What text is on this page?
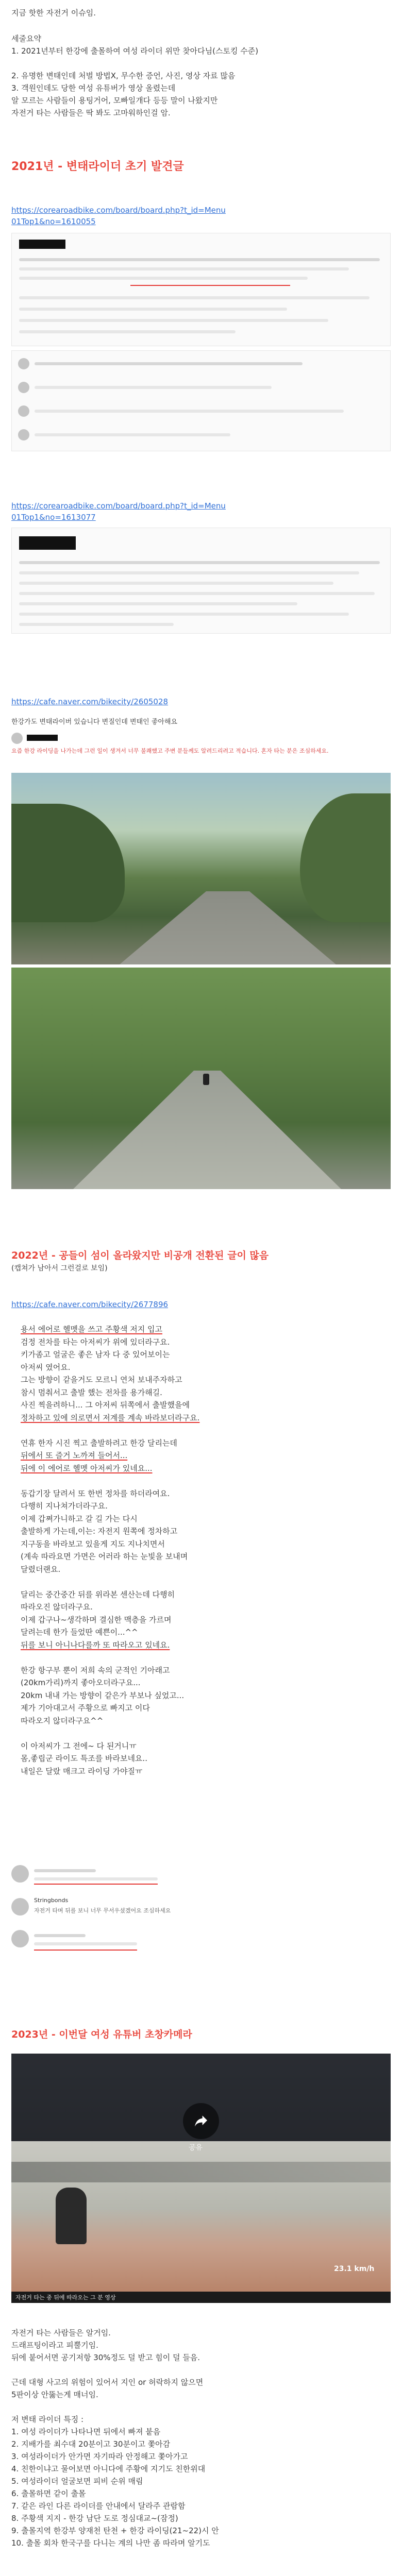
지금 핫한 자전거 이슈임.
세줄요약
1. 2021년부터 한강에 출몰하여 여성 라이더 위만 찾아다님(스토킹 수준)
2. 유명한 변태인데 처벌 방법X, 무수한 증언, 사진, 영상 자료 많음
3. 객원인데도 당한 여성 유튜버가 영상 올렸는데
알 모르는 사람들이 용팅거어, 모빠일개다 등등 말이 나왔지만
자전거 타는 사람들은 딱 봐도 고마워하인걸 암.
2021년 - 변태라이더 초기 발견글
https://corearoadbike.com/board/board.php?t_id=Menu01Top1&no=1610055
https://corearoadbike.com/board/board.php?t_id=Menu01Top1&no=1613077
https://cafe.naver.com/bikecity/2605028
한강가도 변태라이버 있습니다 변질인데 변태인 좋아해요
요즘 한강 라이딩을 나가는데 그런 일이 생겨서 너무 불쾌했고 주변 분들께도 알려드리려고 적습니다. 혼자 타는 분은 조심하세요.
2022년 - 공들이 섬이 올라왔지만 비공개 전환된 글이 많음
(캡쳐가 남아서 그런걸로 보임)
https://cafe.naver.com/bikecity/2677896

용서 에어로 헬멧을 쓰고 주황색 저지 입고

검정 전차를 타는 아저씨가 위에 있더라구요.

키가좀고 얼굴은 좋은 남자 다 중 있어보이는

아저씨 였어요.

그는 방향이 같을거도 모르니 연처 보내주자하고

참시 멈춰서고 출발 했는 전차를 용가해길.

사진 찍을려하니... 그 아저씨 뒤쪽에서 출발했을에

정차하고 있에 의로면서 저계를 계속 바라보더라구요.

연휴 한자 시진 찍고 출발하려고 한강 달리는데

뒤에서 또 즐거 노까져 들어서...

뒤에 이 에어로 헬멧 아저씨가 있네요...

동갑기장 달려서 또 한번 정차를 하더라여요.

다행히 지나쳐가더라구요.

이제 갑쪄가니하고 갈 길 가는 다시

출발하게 가는데,이는: 자전지 원쪽에 정차하고

지구동을 바라보고 있을게 지도 지나치면서

(계속 따라요면 가면은 어러라 하는 눈빛을 보내며

달렸더랜요.

달리는 중간중간 뒤를 위라본 센산는데 다행히

따라오진 않더라구요.

이제 갑구나~생각하며 결심한 맥층을 가르며

달려는데 한가 들었딴 예쁜이...^^

뒤를 보니 아니나다를까 또 따라오고 있네요.

한강 항구부 뿐이 저희 속의 군적인 기아래고

(20km가리)까지 좋아오더라구요...

20km 내내 가는 방향이 같은가 부보나 싶었고...

제가 기아대고서 주황으로 빠지고 이다

따라오지 않더라구요^^

이 아저씨가 그 전에~ 다 된거니ㅠ

몸,좋립군 라이도 특조를 바라보네요..

내일은 달랐 매크고 라이딩 가야질ㅠ

Stringbonds
자전거 타며 뒤를 보니 너무 무서우셨겠어요 조심하세요
2023년 - 이번달 여성 유튜버 초창카메라
공유
23.1 km/h
자전거 타는 중 뒤에 따라오는 그 분 영상

자전거 타는 사람들은 알거임.

드래프팅이라고 피뿔기임.

뒤에 붙어서면 공기저항 30%정도 덜 받고 힘이 덜 들음.

근데 대형 사고의 위험이 있어서 지인 or 허락하지 않으면

5판이상 안뚫는게 매너임.

저 변태 라이더 특징 :

1. 여성 라이더가 나타나면 뒤에서 빠져 붙음

2. 지배가를 최수대 20분이고 30분이고 쫓아감

3. 여성라이더가 안가면 자기따라 안정해고 쫓아가고

4. 친한이냐고 물어보면 아니다에 주황에 지기도 친한위대

5. 여성라이더 얼굴보면 피비 순위 매림

6. 출몰하면 같이 출몰

7. 같은 라인 다른 라이더를 안내에서 달라주 관람함

8. 주황색 지지 - 한강 남단 도로 정심대교~(잠정)

9. 출몰지역 한강부 양재천 탄천 + 한강 라이딩(21~22)시 안

10. 출몰 회차 한국구를 다니는 계의 나만 좀 따라며 알기도
